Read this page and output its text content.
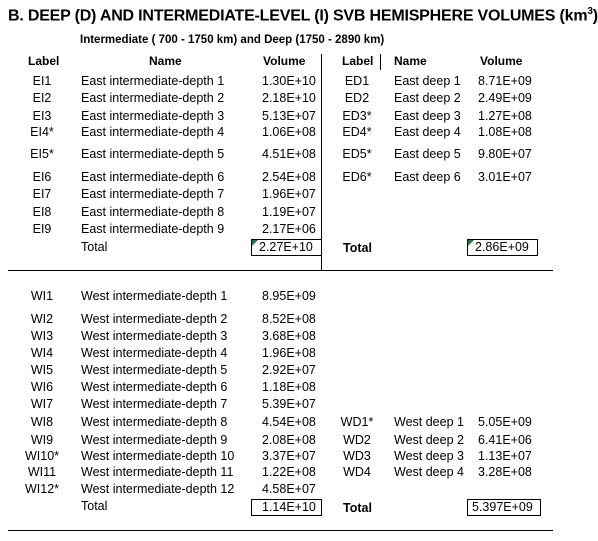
B. DEEP (D) AND INTERMEDIATE-LEVEL (I) SVB HEMISPHERE VOLUMES $(km^3)$
Intermediate ( 700 - 1750 km) and Deep (1750 - 2890 km)
Label	Name	Volume	Label Name	Volume
EI1	East intermediate-depth 1	1.30E+10
EI2	East intermediate-depth 2	2.18E+10
EI3	East intermediate-depth 3	5.13E+07
EI4*	East intermediate-depth 4	1.06E+08
EI5*	East intermediate-depth 5	4.51E+08
EI6	East intermediate-depth 6	2.54E+08
EI7	East intermediate-depth 7	1.96E+07
EI8	East intermediate-depth 8	1.19E+07
EI9	East intermediate-depth 9	2.17E+06
ED1	East deep 1 8.71E+09
ED2	East deep 2 2.49E+09
ED3*	East deep 3 1.27E+08
ED4*	East deep 4 1.08E+08
ED5*	East deep 5 9.80E+07
ED6*	East deep 6 3.01E+07
WI1	West intermediate-depth 1	8.95E+09
WI2	West intermediate-depth 2	8.52E+08
WI3	West intermediate-depth 3	3.68E+08
WI4	West intermediate-depth 4	1.96E+08
WI5	West intermediate-depth 5	2.92E+07
WI6	West intermediate-depth 6	1.18E+08
WI7	West intermediate-depth 7	5.39E+07
WI8	West intermediate-depth 8	4.54E+08
WI9	West intermediate-depth 9	2.08E+08
WI10*	West intermediate-depth 10 3.37E+07
WI11	West intermediate-depth 11 1.22E+08
WI12*	West intermediate-depth 12 4.58E+07
WD1*	West deep 1 5.05E+09
WD2	West deep 2 6.41E+06
WD3	West deep 3 1.13E+07
WD4	West deep 4 3.28E+08
Total	2.27E+10 Total	2.86E+09
Total	1.14E+10 Total	5.397E+09
